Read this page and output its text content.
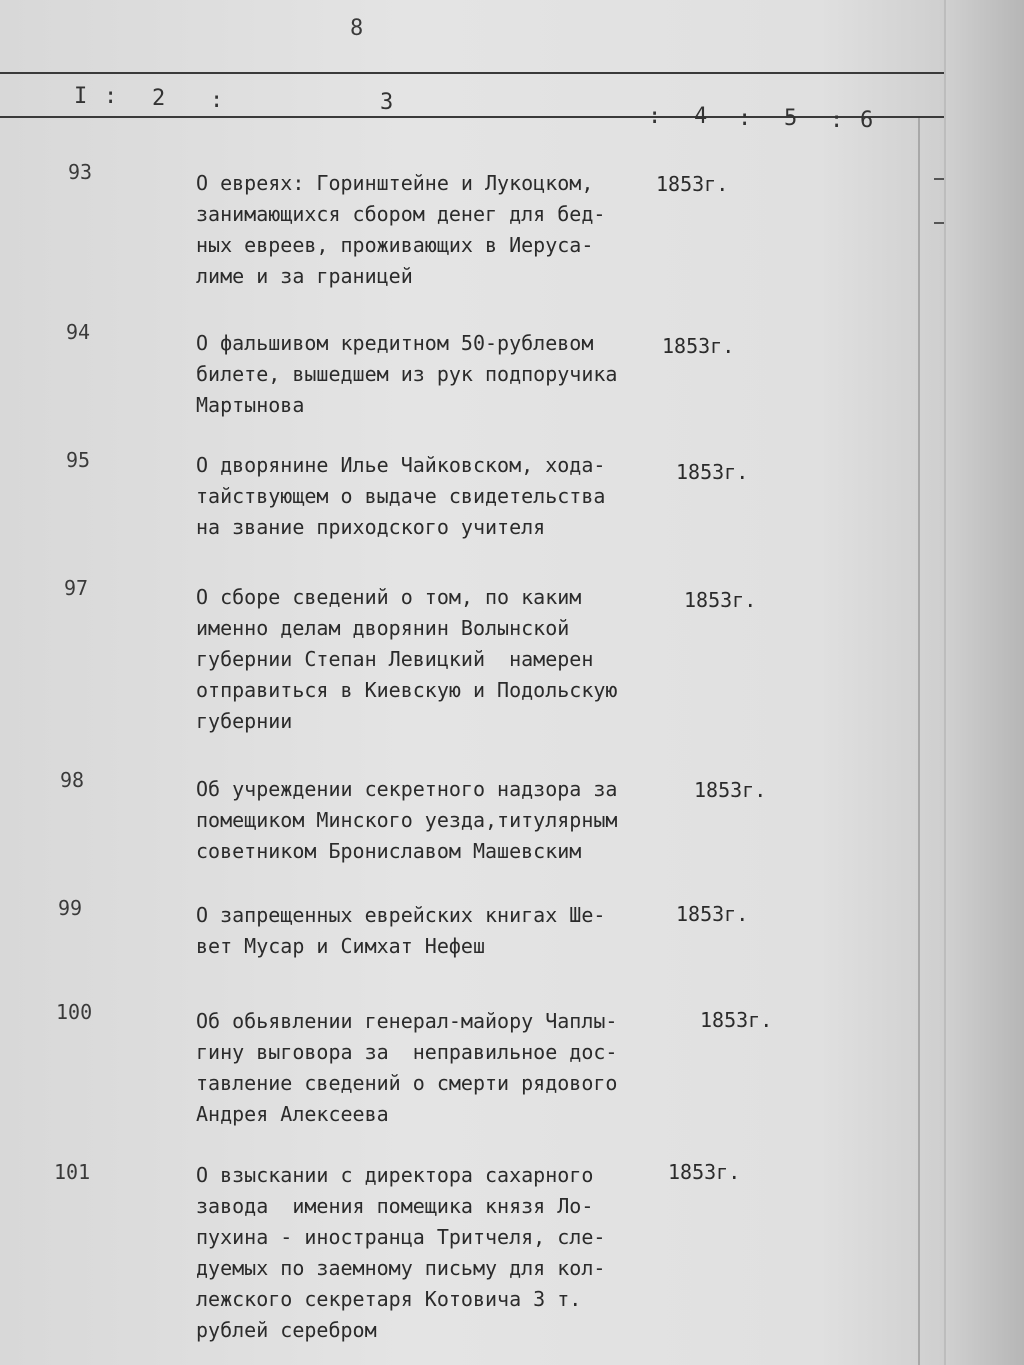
8
I : 2 :	3
: 4 : 5 : 6
93	О евреях: Горинштейне и Лукоцком,
занимающихся сбором денег для бед-
ных евреев, проживающих в Иеруса-
лиме и за границей
1853г.
94	О фальшивом кредитном 50-рублевом
билете, вышедшем из рук подпоручика
Мартынова
1853г.
95	О дворянине Илье Чайковском, хода-
тайствующем о выдаче свидетельства
на звание приходского учителя
1853г.
97	О сборе сведений о том, по каким
именно делам дворянин Волынской
губернии Степан Левицкий  намерен
отправиться в Киевскую и Подольскую
губернии
1853г.
98	Об учреждении секретного надзора за
помещиком Минского уезда,титулярным
советником Брониславом Машевским
1853г.
99	О запрещенных еврейских книгах Ше-
вет Мусар и Симхат Нефеш
1853г.
100	Об обьявлении генерал-майору Чаплы-
гину выговора за  неправильное дос-
тавление сведений о смерти рядового
Андрея Алексеева
1853г.
101	О взыскании с директора сахарного
завода  имения помещика князя Ло-
пухина - иностранца Тритчеля, сле-
дуемых по заемному письму для кол-
лежского секретаря Котовича 3 т.
рублей серебром
1853г.
